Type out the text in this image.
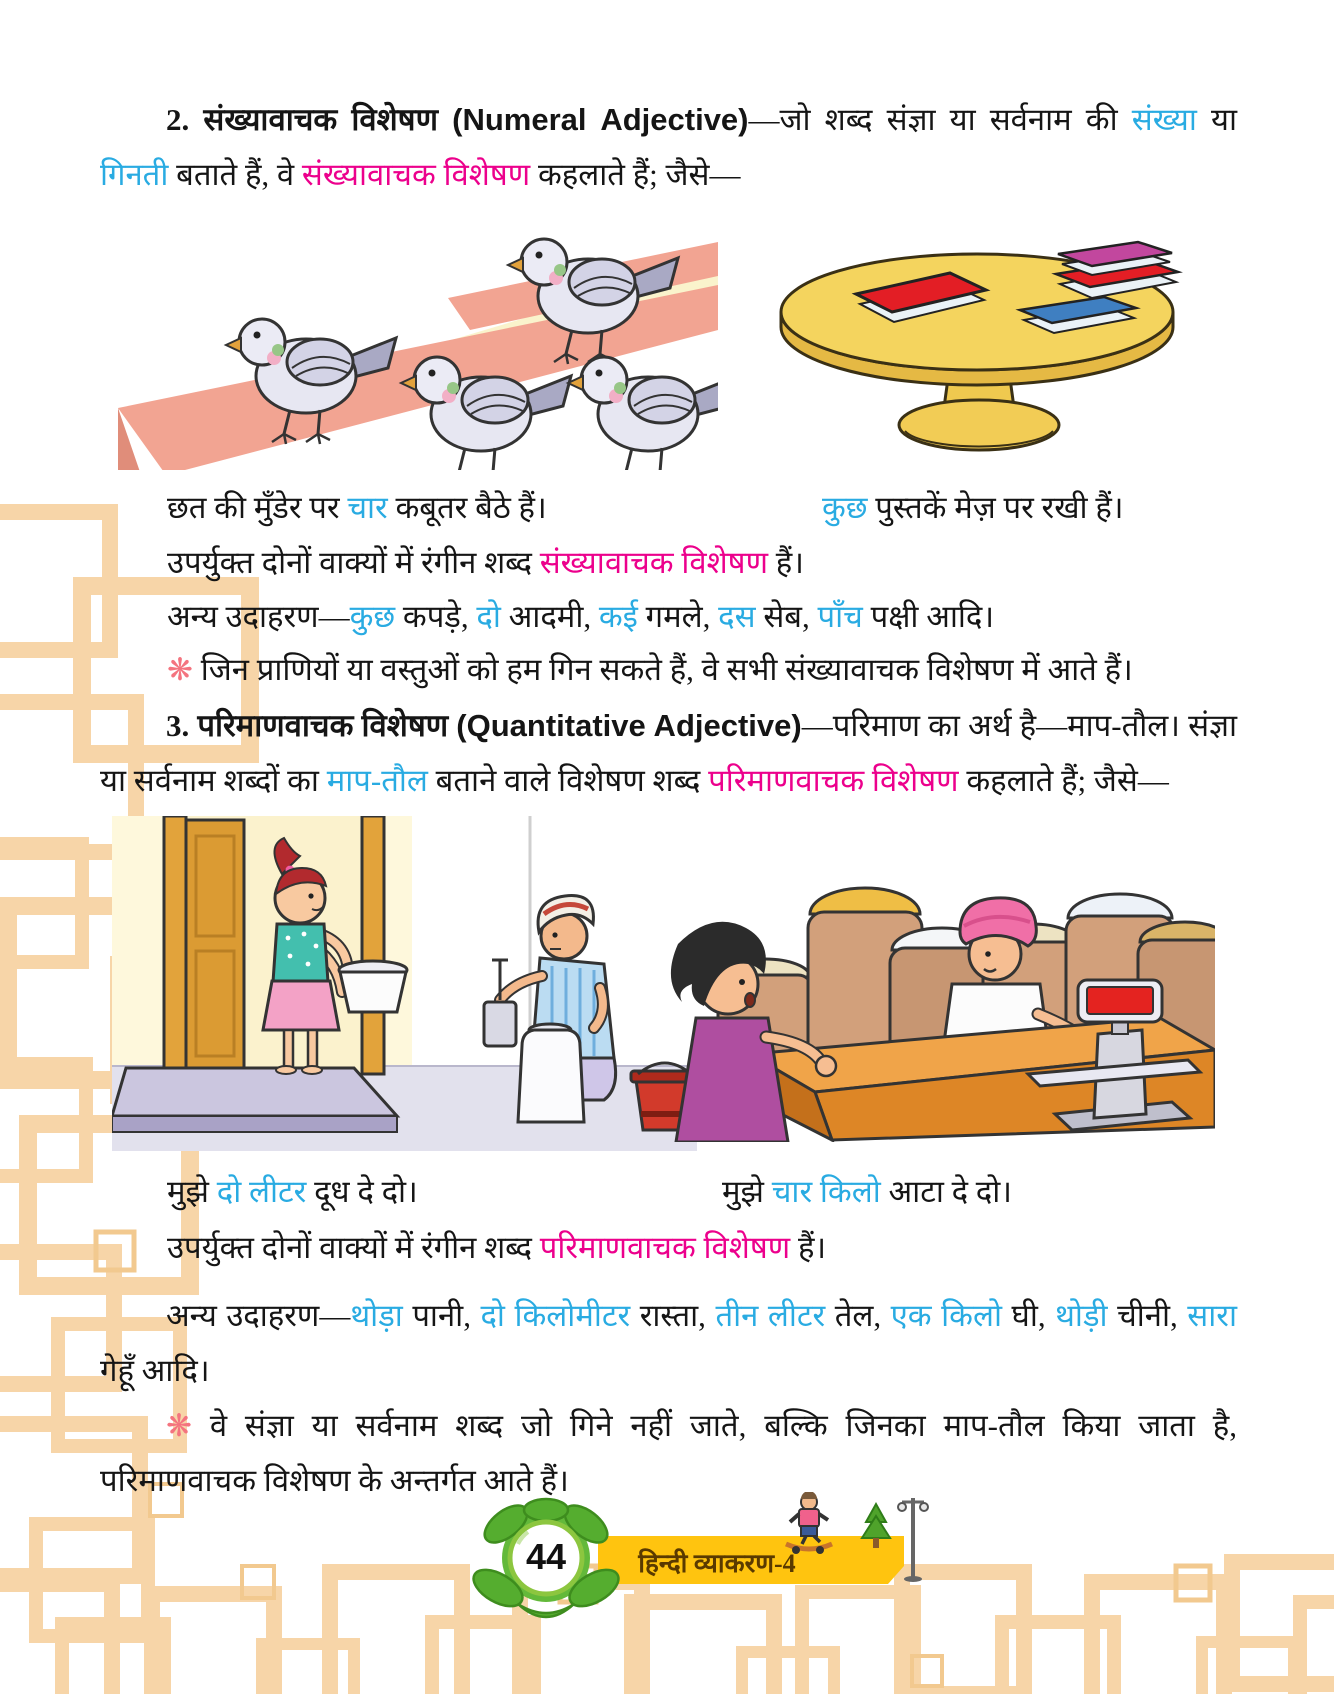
2. संख्यावाचक विशेषण (Numeral Adjective)—जो शब्द संज्ञा या सर्वनाम की संख्या या गिनती बताते हैं, वे संख्यावाचक विशेषण कहलाते हैं; जैसे—
छत की मुँडेर पर चार कबूतर बैठे हैं।	कुछ पुस्तकें मेज़ पर रखी हैं।
उपर्युक्त दोनों वाक्यों में रंगीन शब्द संख्यावाचक विशेषण हैं।
अन्य उदाहरण—कुछ कपड़े, दो आदमी, कई गमले, दस सेब, पाँच पक्षी आदि।
❋ जिन प्राणियों या वस्तुओं को हम गिन सकते हैं, वे सभी संख्यावाचक विशेषण में आते हैं।
3. परिमाणवाचक विशेषण (Quantitative Adjective)—परिमाण का अर्थ है—माप-तौल। संज्ञा या सर्वनाम शब्दों का माप-तौल बताने वाले विशेषण शब्द परिमाणवाचक विशेषण कहलाते हैं; जैसे—
मुझे दो लीटर दूध दे दो।	मुझे चार किलो आटा दे दो।
उपर्युक्त दोनों वाक्यों में रंगीन शब्द परिमाणवाचक विशेषण हैं।
अन्य उदाहरण—थोड़ा पानी, दो किलोमीटर रास्ता, तीन लीटर तेल, एक किलो घी, थोड़ी चीनी, सारा गेहूँ आदि।
❋ वे संज्ञा या सर्वनाम शब्द जो गिने नहीं जाते, बल्कि जिनका माप-तौल किया जाता है, परिमाणवाचक विशेषण के अन्तर्गत आते हैं।
44	हिन्दी व्याकरण-4
